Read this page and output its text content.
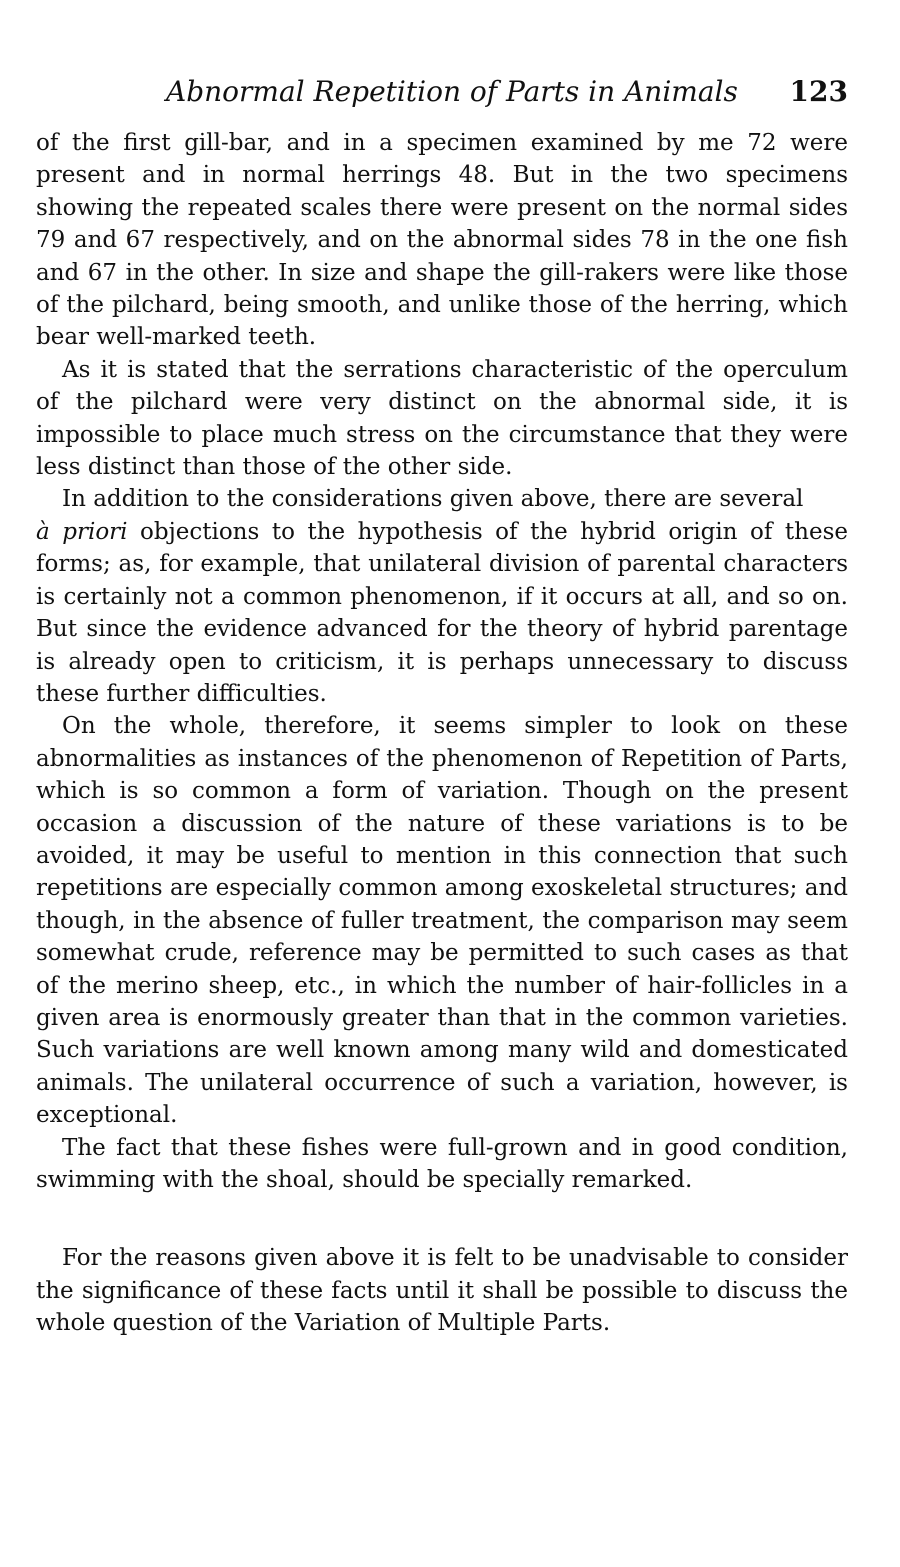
Abnormal Repetition of Parts in Animals 123

of the first gill-bar, and in a specimen examined by me 72 were present and in normal herrings 48. But in the two specimens showing the repeated scales there were present on the normal sides 79 and 67 respectively, and on the abnormal sides 78 in the one fish and 67 in the other. In size and shape the gill-rakers were like those of the pilchard, being smooth, and unlike those of the herring, which bear well-marked teeth.

As it is stated that the serrations characteristic of the operculum of the pilchard were very distinct on the abnormal side, it is impossible to place much stress on the circumstance that they were less distinct than those of the other side.

In addition to the considerations given above, there are several
à priori objections to the hypothesis of the hybrid origin of these forms; as, for example, that unilateral division of parental characters is certainly not a common phenomenon, if it occurs at all, and so on. But since the evidence advanced for the theory of hybrid parentage is already open to criticism, it is perhaps unnecessary to discuss these further difficulties.

On the whole, therefore, it seems simpler to look on these abnormalities as instances of the phenomenon of Repetition of Parts, which is so common a form of variation. Though on the present occasion a discussion of the nature of these variations is to be avoided, it may be useful to mention in this connection that such repetitions are especially common among exoskeletal structures; and though, in the absence of fuller treatment, the comparison may seem somewhat crude, reference may be permitted to such cases as that of the merino sheep, etc., in which the number of hair-follicles in a given area is enormously greater than that in the common varieties. Such variations are well known among many wild and domesticated animals. The unilateral occurrence of such a variation, however, is exceptional.

The fact that these fishes were full-grown and in good condition, swimming with the shoal, should be specially remarked.

For the reasons given above it is felt to be unadvisable to consider the significance of these facts until it shall be possible to discuss the whole question of the Variation of Multiple Parts.
